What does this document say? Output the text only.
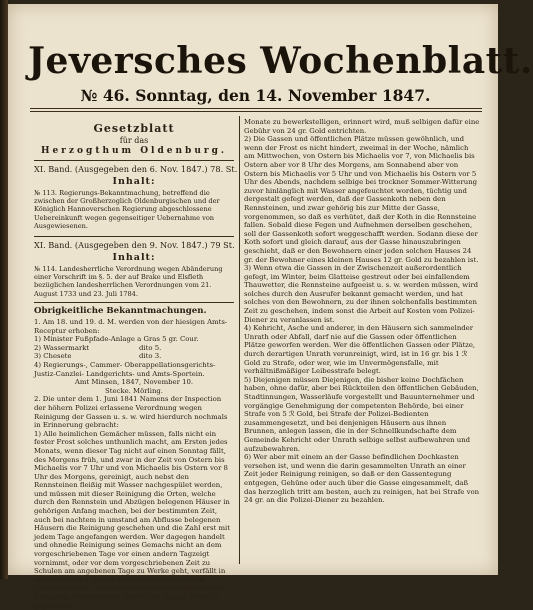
Jeversches Wochenblatt.
№ 46. Sonntag, den 14. November 1847.
Gesetzblatt
für das
Herzogthum Oldenburg.
XI. Band. (Ausgegeben den 6. Nov. 1847.) 78. St.
Inhalt:
№ 113. Regierungs-Bekanntmachung, betreffend die zwischen der Großherzoglich Oldenburgischen und der Königlich Hannoverschen Regierung abgeschlossene Uebereinkunft wegen gegenseitiger Uebernahme von Ausgewiesenen.
XI. Band. (Ausgegeben den 9. Nov. 1847.) 79 St.
Inhalt:
№ 114. Landesherrliche Verordnung wegen Abänderung einer Vorschrift im §. 5. der auf Brake und Elsfleth bezüglichen landesherrlichen Verordnungen vom 21. August 1733 und 23. Juli 1784.
Obrigkeitliche Bekanntmachungen.

1. Am 18. und 19. d. M. werden von der hiesigen Amts-Receptur erhoben:

1) Minister Fußpfade-Anlage a Gras 5 gr. Cour.
2) Wassermarkt	dito 5.
3) Chesete	dito 3.

4) Regierungs-, Cammer- Oberappellationsgerichts- Justiz-Canzlei- Landgerichts- und Amts-Sportein.

Amt Minsen, 1847, November 10.

Stecke. Mörling.

2. Die unter dem 1. Juni 1841 Namens der Inspection der höhern Polizei erlassene Verordnung wegen Reinigung der Gassen u. s. w. wird hierdurch nochmals in Erinnerung gebracht:

1) Alle heimlichen Gemächer müssen, falls nicht ein fester Frost solches unthunlich macht, am Ersten jedes Monats, wenn dieser Tag nicht auf einen Sonntag fällt, des Morgens früh, und zwar in der Zeit von Ostern bis Michaelis vor 7 Uhr und von Michaelis bis Ostern vor 8 Uhr des Morgens, gereinigt, auch nebst den Rennsteinen fleißig mit Wasser nachgespület werden, und müssen mit dieser Reinigung die Orten, welche durch den Rennstein und Abzügen belegenen Häuser in gehörigen Anfang machen, bei der bestimmten Zeit, auch bei nachtem in umstand am Abflusse belegenen Häusern die Reinigung geschehen und die Zahl erst mit jedem Tage angefangen werden. Wer dagegen handelt und ohnedie Reinigung seines Gemachs nicht an dem vorgeschriebenen Tage vor einen andern Tagzeigt vornimmt, oder vor dem vorgeschriebenen Zeit zu Schulen am angebenen Tage zu Werke geht, verfällt in die Strafe von 1 ℛ oder einer verhältnißmäßigen Gefängnißstrafe, und es hat überdies die angeordnete Reinigung vorzunehmen. Die Polizei-Diener sollen es gegebenen

Monate zu bewerkstelligen, erinnert wird, muß selbigen dafür eine Gebühr von 24 gr. Gold entrichten.

2) Die Gassen und öffentlichen Plätze müssen gewöhnlich, und wenn der Frost es nicht hindert, zweimal in der Woche, nämlich am Mittwochen, von Ostern bis Michaelis vor 7, von Michaelis bis Ostern aber vor 8 Uhr des Morgens, am Sonnabend aber von Ostern bis Michaelis vor 5 Uhr und von Michaelis bis Ostern vor 5 Uhr des Abends, nachdem selbige bei trockner Sommer-Witterung zuvor hinlänglich mit Wasser angefeuchtet worden, tüchtig und dergestalt gefegt werden, daß der Gassenkoth neben den Rennsteinen, und zwar gehörig bis zur Mitte der Gasse, vorgenommen, so daß es verhütet, daß der Koth in die Rennsteine fallen. Sobald diese Fegen und Aufnehmen derselben geschehen, soll der Gassenkoth sofort weggeschafft werden. Sodann diese der Koth sofort und gleich darauf, aus der Gasse hinauszubringen geschieht, daß er den Bewohnern einer jeden solchen Hauses 24 gr. der Bewohner eines kleinen Hauses 12 gr. Gold zu bezahlen ist.

3) Wenn etwa die Gassen in der Zwischenzeit außerordentlich gefegt, im Winter, beim Glatteise gestreut oder bei einfallendem Thauwetter, die Rennsteine aufgeeist u. s. w. werden müssen, wird solches durch den Ausrufer bekannt gemacht werden, und hat solches von den Bewohnern, zu der ihnen solchenfalls bestimmten Zeit zu geschehen, indem sonst die Arbeit auf Kosten vom Polizei-Diener zu veranlassen ist.

4) Kehricht, Asche und anderer, in den Häusern sich sammelnder Unrath oder Abfall, darf nie auf die Gassen oder öffentlichen Plätze geworfen werden. Wer die öffentlichen Gassen oder Plätze, durch derartigen Unrath verunreinigt, wird, ist in 16 gr. bis 1 ℛ Gold zu Strafe, oder wer, wie im Unvermögensfalle, mit verhältnißmäßiger Leibesstrafe belegt.

5) Diejenigen müssen Diejenigen, die bisher keine Dochfächen haben, ohne dafür, aber bei Rückteilen den öffentlichen Gebäuden, Stadtinnungen, Wasserläufe vorgestellt und Bauunternehmer und vorgängige Genehmigung der competenten Behörde, bei einer Strafe von 5 ℛ Gold, bei Strafe der Polizei-Bedienten zusammengesetzt, und bei denjenigen Häusern aus ihnen Brunnen, anlegen lassen, die in der Schnellkundschafte dem Gemeinde Kehricht oder Unrath selbige selbst aufbewahren und aufzubewahren.

6) Wer aber mit einem an der Gasse befindlichen Dochkasten versehen ist, und wenn die darin gesammelten Unrath an einer Zeit jeder Reinigung reinigen, so daß er den Gassentegung entgegen, Gehüne oder auch über die Gasse eingesammelt, daß das herzoglich tritt am besten, auch zu reinigen, hat bei Strafe von 24 gr. an die Polizei-Diener zu bezahlen.
